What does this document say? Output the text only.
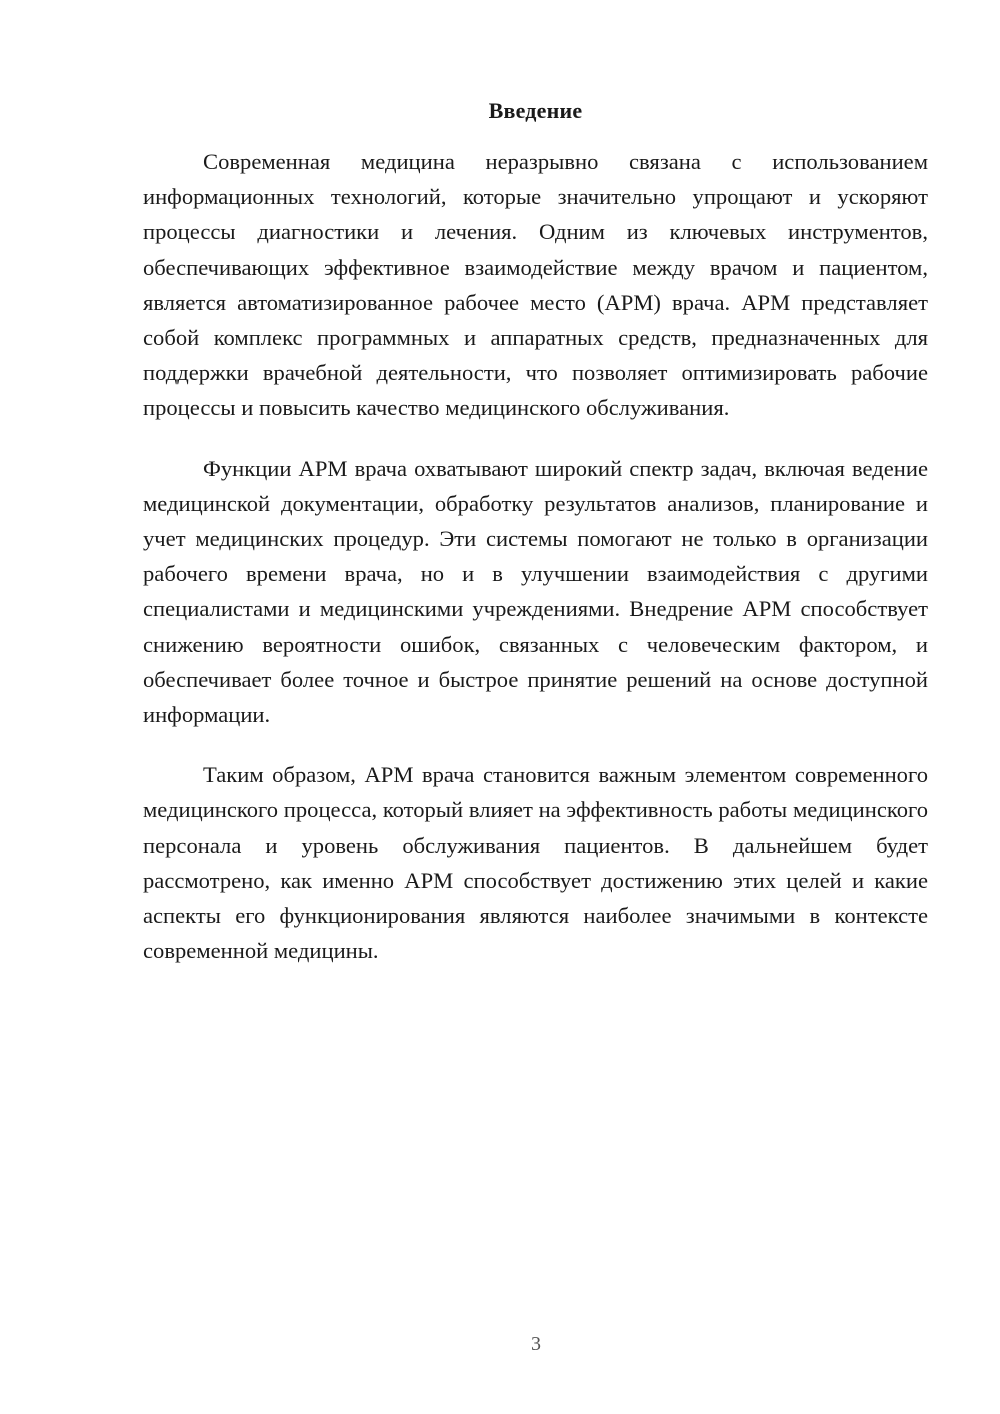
Введение

Современная медицина неразрывно связана с использованием информационных технологий, которые значительно упрощают и ускоряют процессы диагностики и лечения. Одним из ключевых инструментов, обеспечивающих эффективное взаимодействие между врачом и пациентом, является автоматизированное рабочее место (АРМ) врача. АРМ представляет собой комплекс программных и аппаратных средств, предназначенных для поддержки врачебной деятельности, что позволяет оптимизировать рабочие процессы и повысить качество медицинского обслуживания.

Функции АРМ врача охватывают широкий спектр задач, включая ведение медицинской документации, обработку результатов анализов, планирование и учет медицинских процедур. Эти системы помогают не только в организации рабочего времени врача, но и в улучшении взаимодействия с другими специалистами и медицинскими учреждениями. Внедрение АРМ способствует снижению вероятности ошибок, связанных с человеческим фактором, и обеспечивает более точное и быстрое принятие решений на основе доступной информации.

Таким образом, АРМ врача становится важным элементом современного медицинского процесса, который влияет на эффективность работы медицинского персонала и уровень обслуживания пациентов. В дальнейшем будет рассмотрено, как именно АРМ способствует достижению этих целей и какие аспекты его функционирования являются наиболее значимыми в контексте современной медицины.

3
